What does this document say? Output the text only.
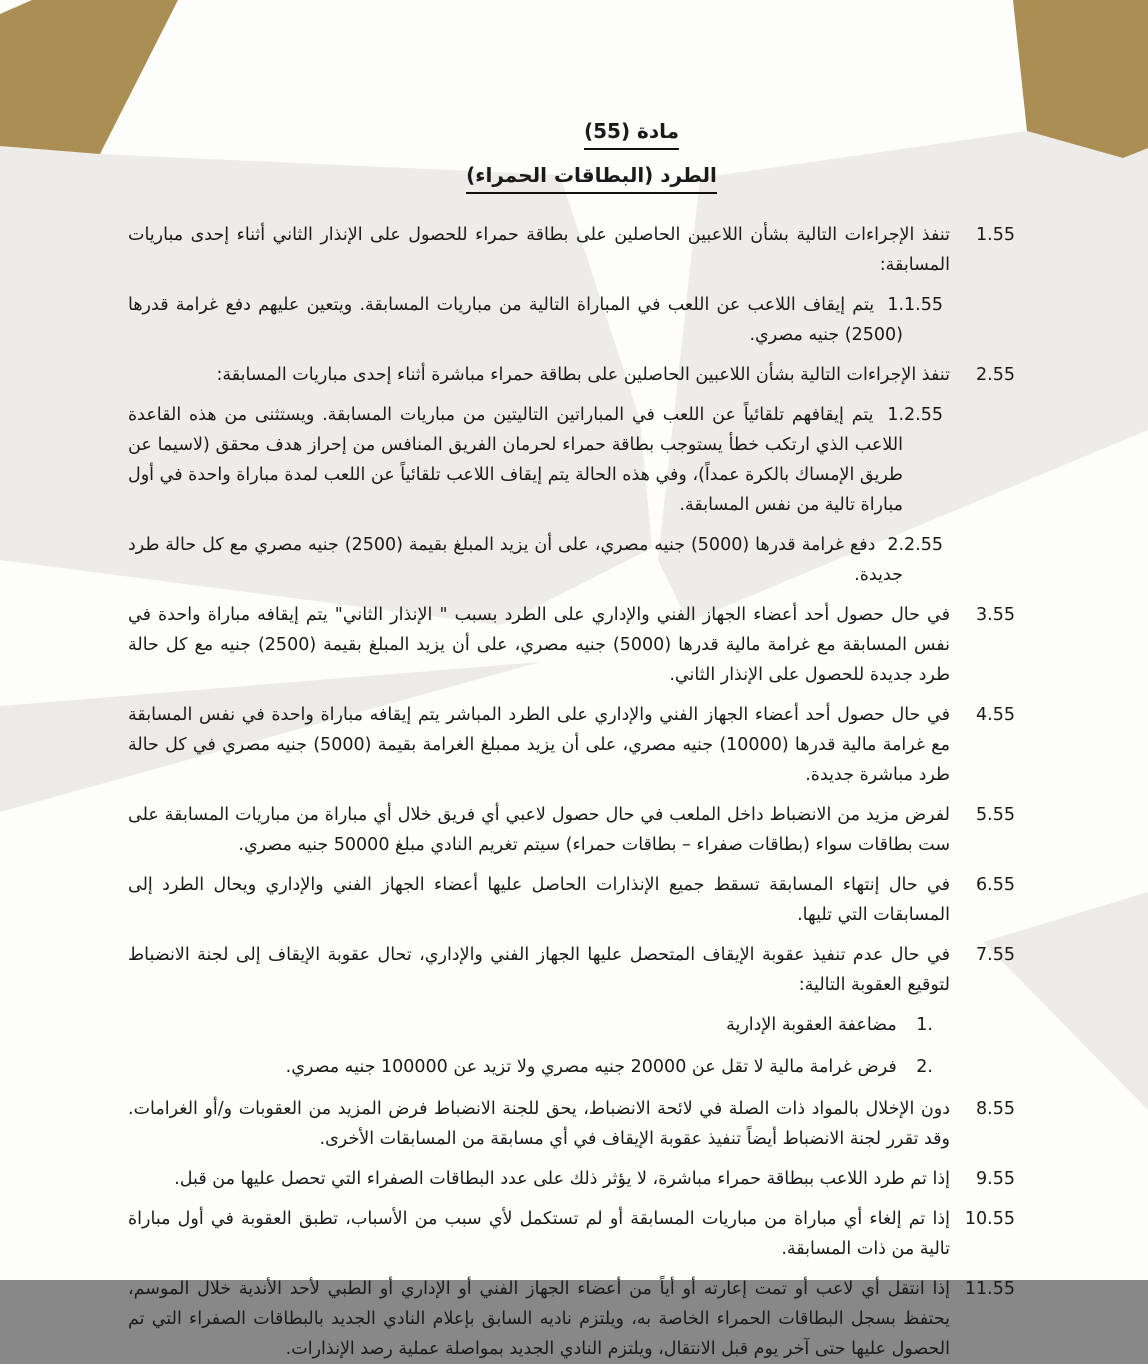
مادة (55)
الطرد (البطاقات الحمراء)
1.55
تنفذ الإجراءات التالية بشأن اللاعبين الحاصلين على بطاقة حمراء للحصول على الإنذار الثاني أثناء إحدى مباريات المسابقة:
1.1.55 يتم إيقاف اللاعب عن اللعب في المباراة التالية من مباريات المسابقة. ويتعين عليهم دفع غرامة قدرها (2500) جنيه مصري.
2.55
تنفذ الإجراءات التالية بشأن اللاعبين الحاصلين على بطاقة حمراء مباشرة أثناء إحدى مباريات المسابقة:
1.2.55 يتم إيقافهم تلقائياً عن اللعب في المباراتين التاليتين من مباريات المسابقة. ويستثنى من هذه القاعدة اللاعب الذي ارتكب خطأ يستوجب بطاقة حمراء لحرمان الفريق المنافس من إحراز هدف محقق (لاسيما عن طريق الإمساك بالكرة عمداً)، وفي هذه الحالة يتم إيقاف اللاعب تلقائياً عن اللعب لمدة مباراة واحدة في أول مباراة تالية من نفس المسابقة.
2.2.55 دفع غرامة قدرها (5000) جنيه مصري، على أن يزيد المبلغ بقيمة (2500) جنيه مصري مع كل حالة طرد جديدة.
3.55
في حال حصول أحد أعضاء الجهاز الفني والإداري على الطرد بسبب " الإنذار الثاني" يتم إيقافه مباراة واحدة في نفس المسابقة مع غرامة مالية قدرها (5000) جنيه مصري، على أن يزيد المبلغ بقيمة (2500) جنيه مع كل حالة طرد جديدة للحصول على الإنذار الثاني.
4.55
في حال حصول أحد أعضاء الجهاز الفني والإداري على الطرد المباشر يتم إيقافه مباراة واحدة في نفس المسابقة مع غرامة مالية قدرها (10000) جنيه مصري، على أن يزيد ممبلغ الغرامة بقيمة (5000) جنيه مصري في كل حالة طرد مباشرة جديدة.
5.55
لفرض مزيد من الانضباط داخل الملعب في حال حصول لاعبي أي فريق خلال أي مباراة من مباريات المسابقة على ست بطاقات سواء (بطاقات صفراء – بطاقات حمراء) سيتم تغريم النادي مبلغ 50000 جنيه مصري.
6.55
في حال إنتهاء المسابقة تسقط جميع الإنذارات الحاصل عليها أعضاء الجهاز الفني والإداري ويحال الطرد إلى المسابقات التي تليها.
7.55
في حال عدم تنفيذ عقوبة الإيقاف المتحصل عليها الجهاز الفني والإداري، تحال عقوبة الإيقاف إلى لجنة الانضباط لتوقيع العقوبة التالية:
1. مضاعفة العقوبة الإدارية
2. فرض غرامة مالية لا تقل عن 20000 جنيه مصري ولا تزيد عن 100000 جنيه مصري.
8.55
دون الإخلال بالمواد ذات الصلة في لائحة الانضباط، يحق للجنة الانضباط فرض المزيد من العقوبات و/أو الغرامات. وقد تقرر لجنة الانضباط أيضاً تنفيذ عقوبة الإيقاف في أي مسابقة من المسابقات الأخرى.
9.55
إذا تم طرد اللاعب ببطاقة حمراء مباشرة، لا يؤثر ذلك على عدد البطاقات الصفراء التي تحصل عليها من قبل.
10.55
إذا تم إلغاء أي مباراة من مباريات المسابقة أو لم تستكمل لأي سبب من الأسباب، تطبق العقوبة في أول مباراة تالية من ذات المسابقة.
11.55
إذا انتقل أي لاعب أو تمت إعارته أو أياً من أعضاء الجهاز الفني أو الإداري أو الطبي لأحد الأندية خلال الموسم، يحتفظ بسجل البطاقات الحمراء الخاصة به، ويلتزم ناديه السابق بإعلام النادي الجديد بالبطاقات الصفراء التي تم الحصول عليها حتى آخر يوم قبل الانتقال، ويلتزم النادي الجديد بمواصلة عملية رصد الإنذارات.
